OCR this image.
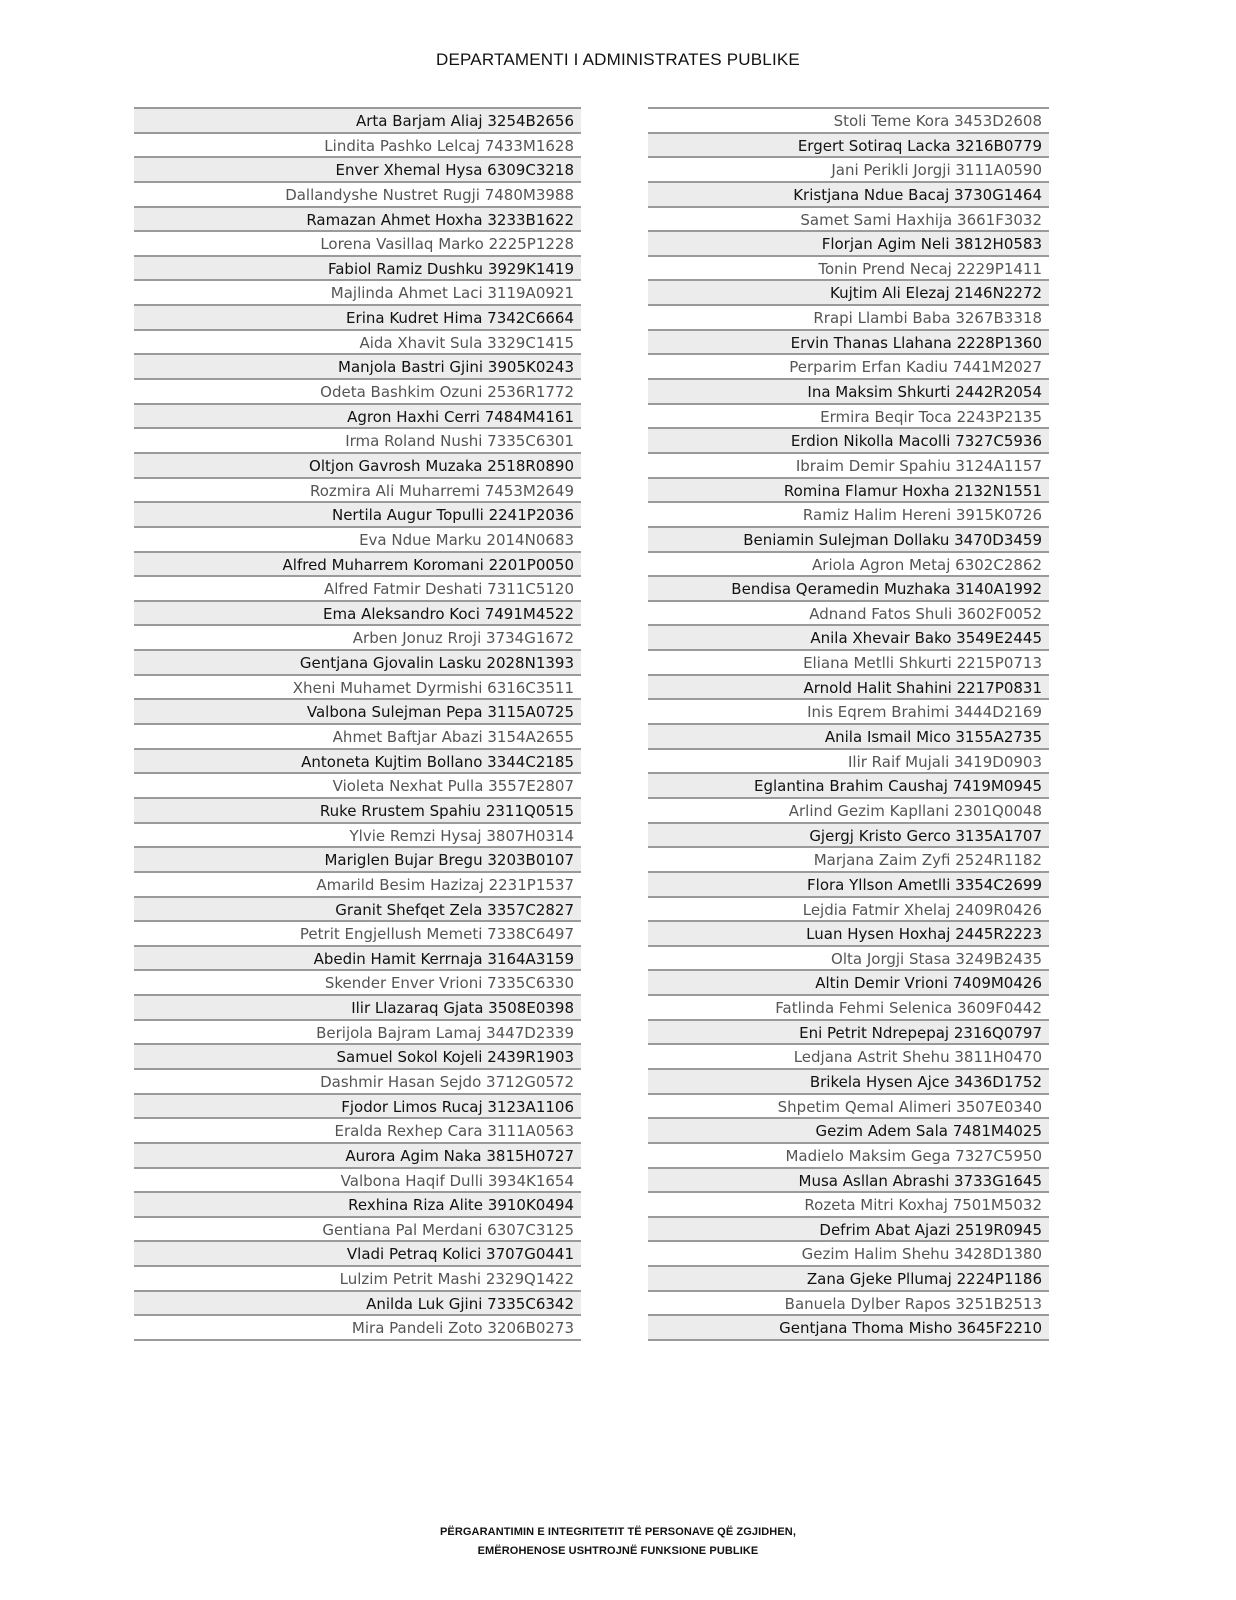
DEPARTAMENTI I ADMINISTRATES PUBLIKE
Arta Barjam Aliaj 3254B2656
Lindita Pashko Lelcaj 7433M1628
Enver Xhemal Hysa 6309C3218
Dallandyshe Nustret Rugji 7480M3988
Ramazan Ahmet Hoxha 3233B1622
Lorena Vasillaq Marko 2225P1228
Fabiol Ramiz Dushku 3929K1419
Majlinda Ahmet Laci 3119A0921
Erina Kudret Hima 7342C6664
Aida Xhavit Sula 3329C1415
Manjola Bastri Gjini 3905K0243
Odeta Bashkim Ozuni 2536R1772
Agron Haxhi Cerri 7484M4161
Irma Roland Nushi 7335C6301
Oltjon Gavrosh Muzaka 2518R0890
Rozmira Ali Muharremi 7453M2649
Nertila Augur Topulli 2241P2036
Eva Ndue Marku 2014N0683
Alfred Muharrem Koromani 2201P0050
Alfred Fatmir Deshati 7311C5120
Ema Aleksandro Koci 7491M4522
Arben Jonuz Rroji 3734G1672
Gentjana Gjovalin Lasku 2028N1393
Xheni Muhamet Dyrmishi 6316C3511
Valbona Sulejman Pepa 3115A0725
Ahmet Baftjar Abazi 3154A2655
Antoneta Kujtim Bollano 3344C2185
Violeta Nexhat Pulla 3557E2807
Ruke Rrustem Spahiu 2311Q0515
Ylvie Remzi Hysaj 3807H0314
Mariglen Bujar Bregu 3203B0107
Amarild Besim Hazizaj 2231P1537
Granit Shefqet Zela 3357C2827
Petrit Engjellush Memeti 7338C6497
Abedin Hamit Kerrnaja 3164A3159
Skender Enver Vrioni 7335C6330
Ilir Llazaraq Gjata 3508E0398
Berijola Bajram Lamaj 3447D2339
Samuel Sokol Kojeli 2439R1903
Dashmir Hasan Sejdo 3712G0572
Fjodor Limos Rucaj 3123A1106
Eralda Rexhep Cara 3111A0563
Aurora Agim Naka 3815H0727
Valbona Haqif Dulli 3934K1654
Rexhina Riza Alite 3910K0494
Gentiana Pal Merdani 6307C3125
Vladi Petraq Kolici 3707G0441
Lulzim Petrit Mashi 2329Q1422
Anilda Luk Gjini 7335C6342
Mira Pandeli Zoto 3206B0273
Stoli Teme Kora 3453D2608
Ergert Sotiraq Lacka 3216B0779
Jani Perikli Jorgji 3111A0590
Kristjana Ndue Bacaj 3730G1464
Samet Sami Haxhija 3661F3032
Florjan Agim Neli 3812H0583
Tonin Prend Necaj 2229P1411
Kujtim Ali Elezaj 2146N2272
Rrapi Llambi Baba 3267B3318
Ervin Thanas Llahana 2228P1360
Perparim Erfan Kadiu 7441M2027
Ina Maksim Shkurti 2442R2054
Ermira Beqir Toca 2243P2135
Erdion Nikolla Macolli 7327C5936
Ibraim Demir Spahiu 3124A1157
Romina Flamur Hoxha 2132N1551
Ramiz Halim Hereni 3915K0726
Beniamin Sulejman Dollaku 3470D3459
Ariola Agron Metaj 6302C2862
Bendisa Qeramedin Muzhaka 3140A1992
Adnand Fatos Shuli 3602F0052
Anila Xhevair Bako 3549E2445
Eliana Metlli Shkurti 2215P0713
Arnold Halit Shahini 2217P0831
Inis Eqrem Brahimi 3444D2169
Anila Ismail Mico 3155A2735
Ilir Raif Mujali 3419D0903
Eglantina Brahim Caushaj 7419M0945
Arlind Gezim Kapllani 2301Q0048
Gjergj Kristo Gerco 3135A1707
Marjana Zaim Zyfi 2524R1182
Flora Yllson Ametlli 3354C2699
Lejdia Fatmir Xhelaj 2409R0426
Luan Hysen Hoxhaj 2445R2223
Olta Jorgji Stasa 3249B2435
Altin Demir Vrioni 7409M0426
Fatlinda Fehmi Selenica 3609F0442
Eni Petrit Ndrepepaj 2316Q0797
Ledjana Astrit Shehu 3811H0470
Brikela Hysen Ajce 3436D1752
Shpetim Qemal Alimeri 3507E0340
Gezim Adem Sala 7481M4025
Madielo Maksim Gega 7327C5950
Musa Asllan Abrashi 3733G1645
Rozeta Mitri Koxhaj 7501M5032
Defrim Abat Ajazi 2519R0945
Gezim Halim Shehu 3428D1380
Zana Gjeke Pllumaj 2224P1186
Banuela Dylber Rapos 3251B2513
Gentjana Thoma Misho 3645F2210
PËRGARANTIMIN E INTEGRITETIT TË PERSONAVE QË ZGJIDHEN,
EMËROHENOSE USHTROJNË FUNKSIONE PUBLIKE
